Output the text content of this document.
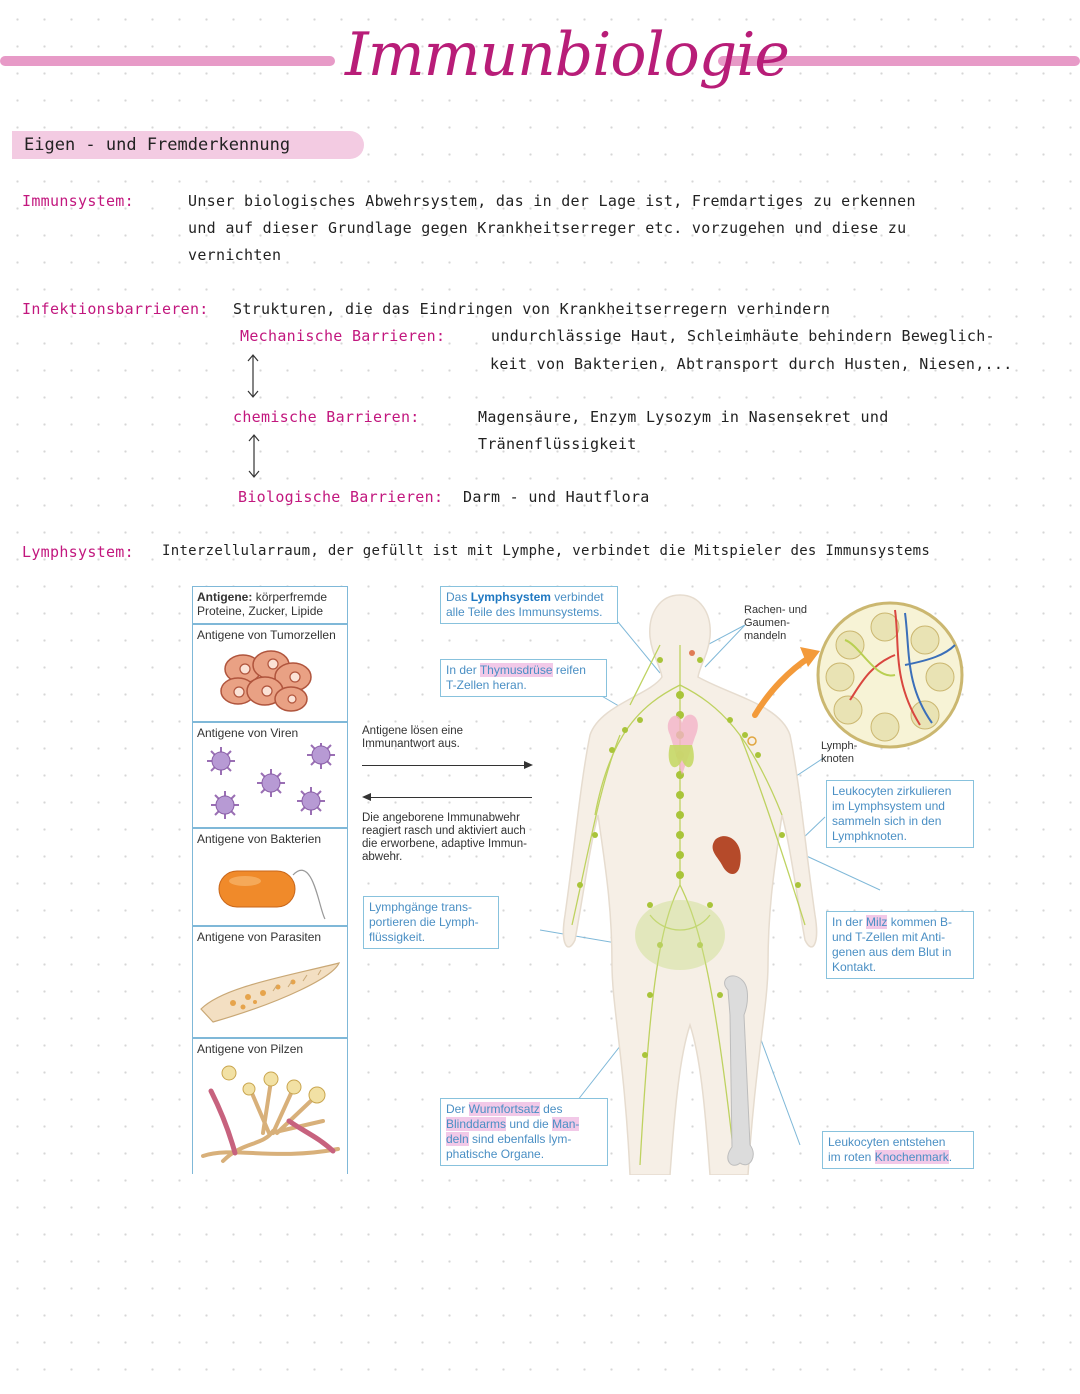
Immunbiologie
Eigen - und Fremderkennung
Immunsystem:	Unser biologisches Abwehrsystem, das in der Lage ist, Fremdartiges zu erkennen
und auf dieser Grundlage gegen Krankheitserreger etc. vorzugehen und diese zu
vernichten
Infektionsbarrieren: Strukturen, die das Eindringen von Krankheitserregern verhindern
Mechanische Barrieren:	undurchlässige Haut, Schleimhäute behindern Beweglich-
keit von Bakterien, Abtransport durch Husten, Niesen,...
chemische Barrieren:	Magensäure, Enzym Lysozym in Nasensekret und
Tränenflüssigkeit
Biologische Barrieren: Darm - und Hautflora
Lymphsystem: Interzellularraum, der gefüllt ist mit Lymphe, verbindet die Mitspieler des Immunsystems
Antigene: körperfremde
Proteine, Zucker, Lipide
Antigene von Tumorzellen
Antigene von Viren
Antigene von Bakterien
Antigene von Parasiten
Antigene von Pilzen
Antigene lösen eine
Immunantwort aus.
Die angeborene Immunabwehr
reagiert rasch und aktiviert auch
die erworbene, adaptive Immun-
abwehr.
Das Lymphsystem verbindet
alle Teile des Immunsystems.
In der Thymusdrüse reifen
T-Zellen heran.
Lymphgänge trans-
portieren die Lymph-
flüssigkeit.
Der Wurmfortsatz des
Blinddarms und die Man-
deln sind ebenfalls lym-
phatische Organe.
Rachen- und
Gaumen-
mandeln
Lymph-
knoten
Leukocyten zirkulieren
im Lymphsystem und
sammeln sich in den
Lymphknoten.
In der Milz kommen B-
und T-Zellen mit Anti-
genen aus dem Blut in
Kontakt.
Leukocyten entstehen
im roten Knochenmark.
